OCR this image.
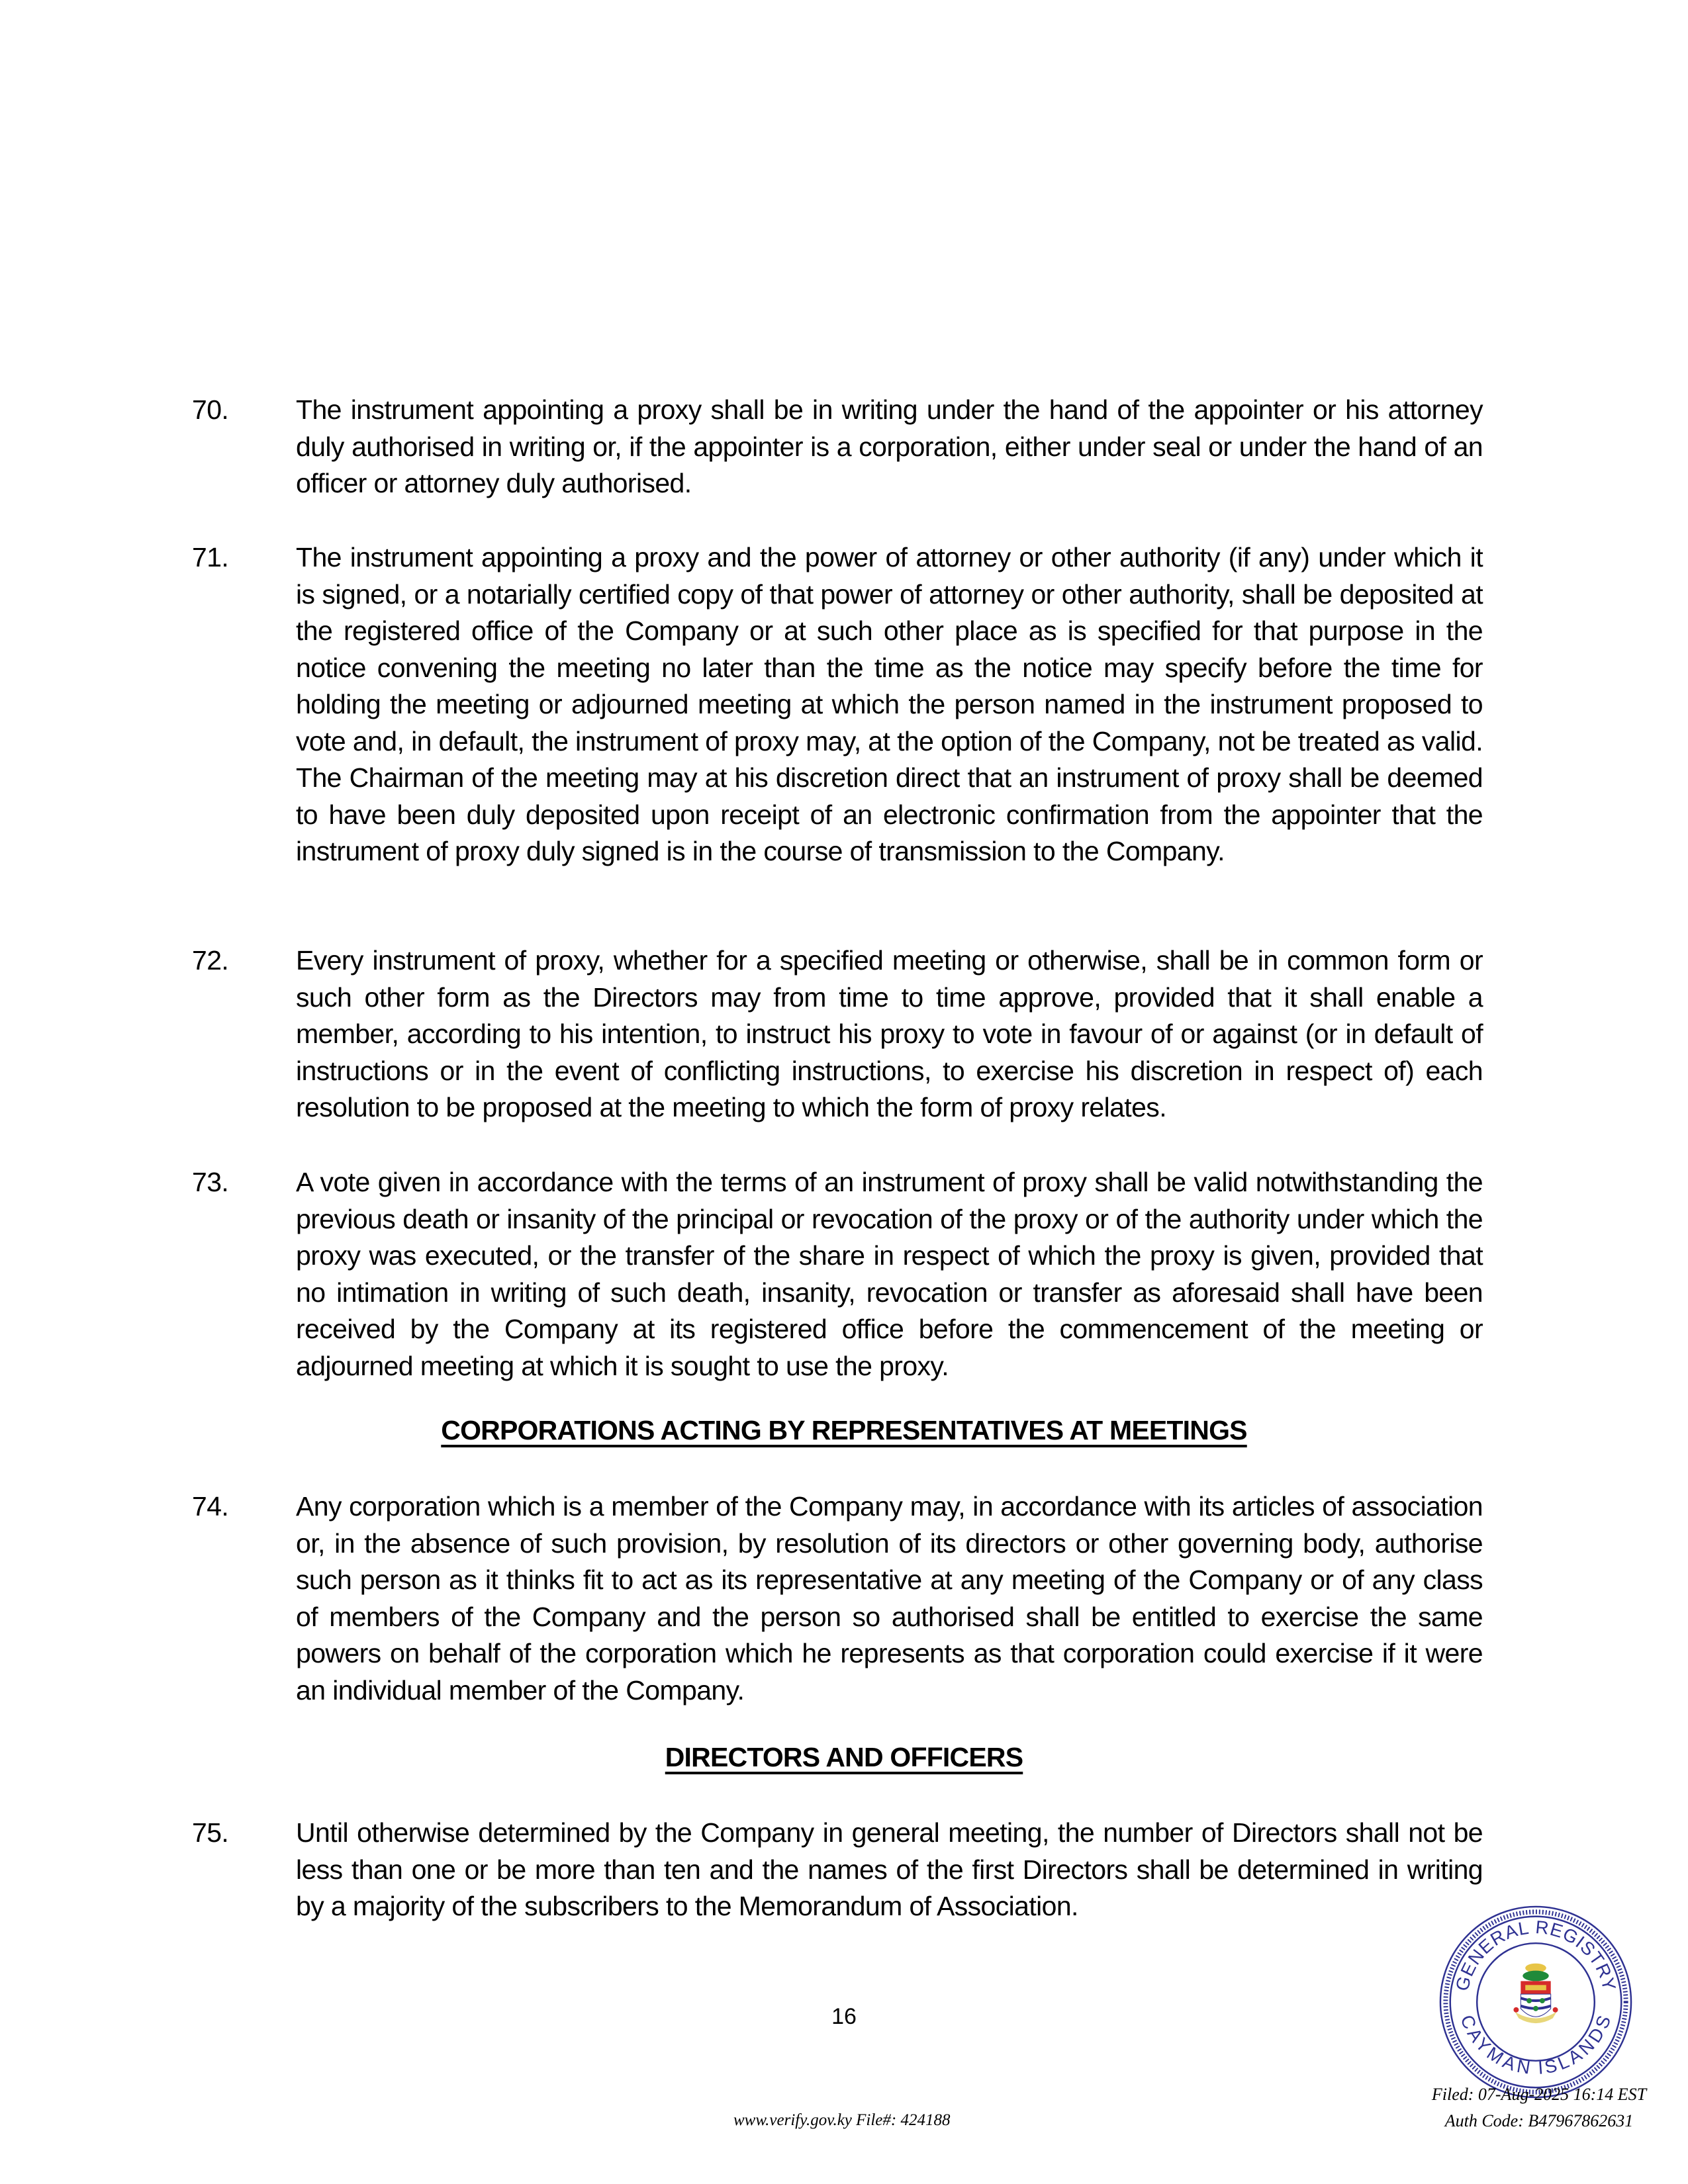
70.	The instrument appointing a proxy shall be in writing under the hand of the appointer or his attorney duly authorised in writing or, if the appointer is a corporation, either under seal or under the hand of an officer or attorney duly authorised.
71.	The instrument appointing a proxy and the power of attorney or other authority (if any) under which it is signed, or a notarially certified copy of that power of attorney or other authority, shall be deposited at the registered office of the Company or at such other place as is specified for that purpose in the notice convening the meeting no later than the time as the notice may specify before the time for holding the meeting or adjourned meeting at which the person named in the instrument proposed to vote and, in default, the instrument of proxy may, at the option of the Company, not be treated as valid. The Chairman of the meeting may at his discretion direct that an instrument of proxy shall be deemed to have been duly deposited upon receipt of an electronic confirmation from the appointer that the instrument of proxy duly signed is in the course of transmission to the Company.
72.	Every instrument of proxy, whether for a specified meeting or otherwise, shall be in common form or such other form as the Directors may from time to time approve, provided that it shall enable a member, according to his intention, to instruct his proxy to vote in favour of or against (or in default of instructions or in the event of conflicting instructions, to exercise his discretion in respect of) each resolution to be proposed at the meeting to which the form of proxy relates.
73.	A vote given in accordance with the terms of an instrument of proxy shall be valid notwithstanding the previous death or insanity of the principal or revocation of the proxy or of the authority under which the proxy was executed, or the transfer of the share in respect of which the proxy is given, provided that no intimation in writing of such death, insanity, revocation or transfer as aforesaid shall have been received by the Company at its registered office before the commencement of the meeting or adjourned meeting at which it is sought to use the proxy.
CORPORATIONS ACTING BY REPRESENTATIVES AT MEETINGS
74.	Any corporation which is a member of the Company may, in accordance with its articles of association or, in the absence of such provision, by resolution of its directors or other governing body, authorise such person as it thinks fit to act as its representative at any meeting of the Company or of any class of members of the Company and the person so authorised shall be entitled to exercise the same powers on behalf of the corporation which he represents as that corporation could exercise if it were an individual member of the Company.
DIRECTORS AND OFFICERS
75.	Until otherwise determined by the Company in general meeting, the number of Directors shall not be less than one or be more than ten and the names of the first Directors shall be determined in writing by a majority of the subscribers to the Memorandum of Association.
16
GENERAL REGISTRY
CAYMAN ISLANDS
Filed: 07-Aug-2025 16:14 EST
Auth Code: B47967862631
www.verify.gov.ky File#: 424188
